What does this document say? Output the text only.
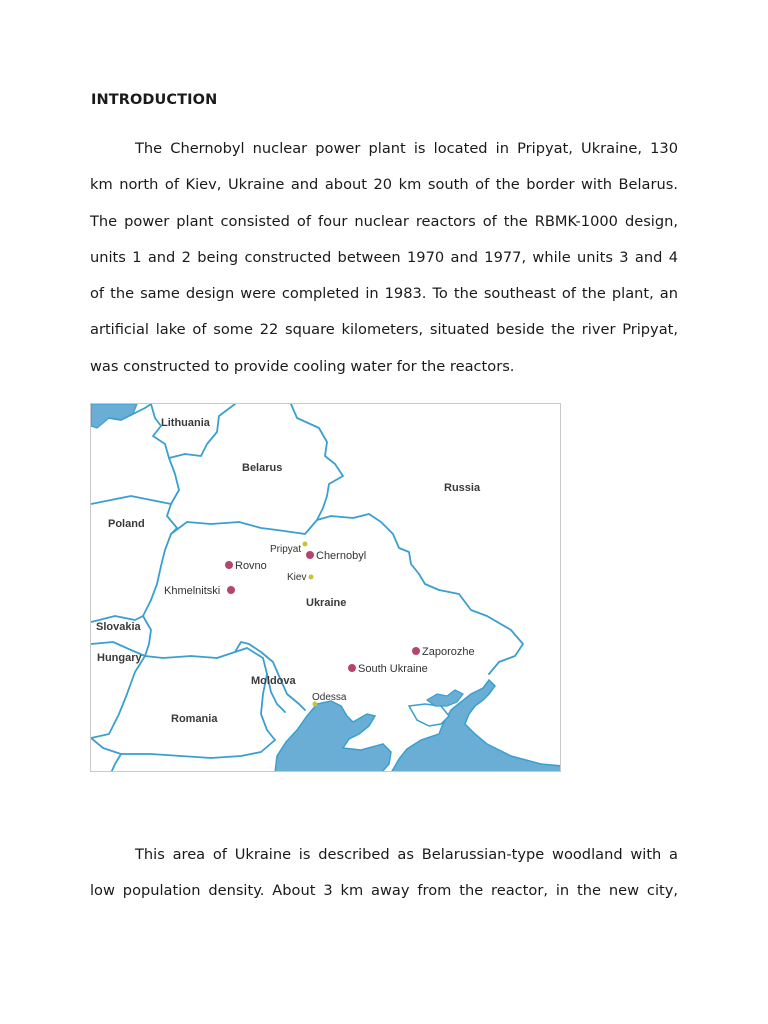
INTRODUCTION
The Chernobyl nuclear power plant is located in Pripyat, Ukraine, 130
km north of Kiev, Ukraine and about 20 km south of the border with Belarus.
The power plant consisted of four nuclear reactors of the RBMK-1000 design,
units 1 and 2 being constructed between 1970 and 1977, while units 3 and 4
of the same design were completed in 1983. To the southeast of the plant, an
artificial lake of some 22 square kilometers, situated beside the river Pripyat,
was constructed to provide cooling water for the reactors.
Lithuania
Belarus
Russia
Poland
Ukraine
Slovakia
Hungary
Moldova
Romania
Chernobyl
Rovno
Khmelnitski
Zaporozhe
South Ukraine
Pripyat
Kiev
Odessa
This area of Ukraine is described as Belarussian-type woodland with a
low population density. About 3 km away from the reactor, in the new city,
